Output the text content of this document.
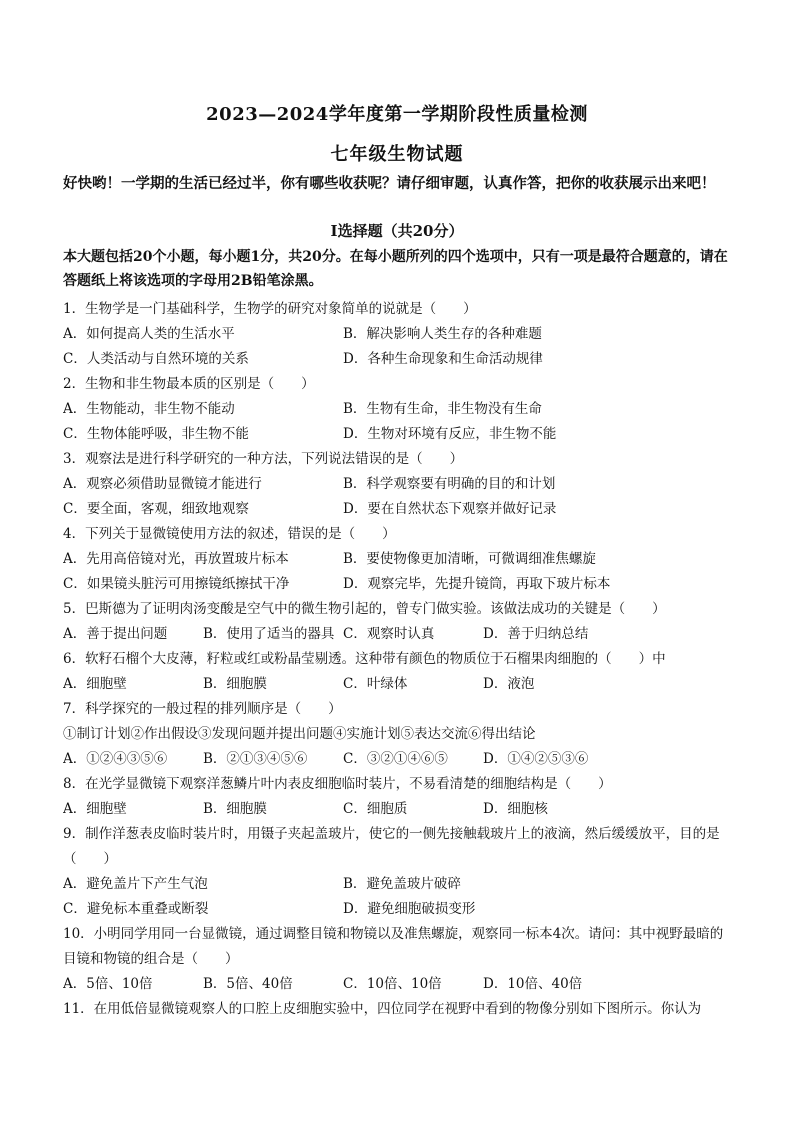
2023—2024学年度第一学期阶段性质量检测
七年级生物试题
好快哟！一学期的生活已经过半，你有哪些收获呢？请仔细审题，认真作答，把你的收获展示出来吧！
Ⅰ选择题（共20分）
本大题包括20个小题，每小题1分，共20分。在每小题所列的四个选项中，只有一项是最符合题意的，请在答题纸上将该选项的字母用2B铅笔涂黑。
1．生物学是一门基础科学，生物学的研究对象简单的说就是（　　）
A．如何提高人类的生活水平	B．解决影响人类生存的各种难题
C．人类活动与自然环境的关系	D．各种生命现象和生命活动规律
2．生物和非生物最本质的区别是（　　）
A．生物能动，非生物不能动	B．生物有生命，非生物没有生命
C．生物体能呼吸，非生物不能	D．生物对环境有反应，非生物不能
3．观察法是进行科学研究的一种方法，下列说法错误的是（　　）
A．观察必须借助显微镜才能进行	B．科学观察要有明确的目的和计划
C．要全面，客观，细致地观察	D．要在自然状态下观察并做好记录
4．下列关于显微镜使用方法的叙述，错误的是（　　）
A．先用高倍镜对光，再放置玻片标本	B．要使物像更加清晰，可微调细准焦螺旋
C．如果镜头脏污可用擦镜纸擦拭干净	D．观察完毕，先提升镜筒，再取下玻片标本
5．巴斯德为了证明肉汤变酸是空气中的微生物引起的，曾专门做实验。该做法成功的关键是（　　）
A．善于提出问题	B．使用了适当的器具 C．观察时认真	D．善于归纳总结
6．软籽石榴个大皮薄，籽粒或红或粉晶莹剔透。这种带有颜色的物质位于石榴果肉细胞的（　　）中
A．细胞壁	B．细胞膜	C．叶绿体	D．液泡
7．科学探究的一般过程的排列顺序是（　　）
①制订计划②作出假设③发现问题并提出问题④实施计划⑤表达交流⑥得出结论
A．①②④③⑤⑥	B．②①③④⑤⑥	C．③②①④⑥⑤	D．①④②⑤③⑥
8．在光学显微镜下观察洋葱鳞片叶内表皮细胞临时装片，不易看清楚的细胞结构是（　　）
A．细胞壁	B．细胞膜	C．细胞质	D．细胞核
9．制作洋葱表皮临时装片时，用镊子夹起盖玻片，使它的一侧先接触载玻片上的液滴，然后缓缓放平，目的是（　　）
A．避免盖片下产生气泡	B．避免盖玻片破碎
C．避免标本重叠或断裂	D．避免细胞破损变形
10．小明同学用同一台显微镜，通过调整目镜和物镜以及准焦螺旋，观察同一标本4次。请问：其中视野最暗的目镜和物镜的组合是（　　）
A．5倍、10倍	B．5倍、40倍	C．10倍、10倍	D．10倍、40倍
11．在用低倍显微镜观察人的口腔上皮细胞实验中，四位同学在视野中看到的物像分别如下图所示。你认为
